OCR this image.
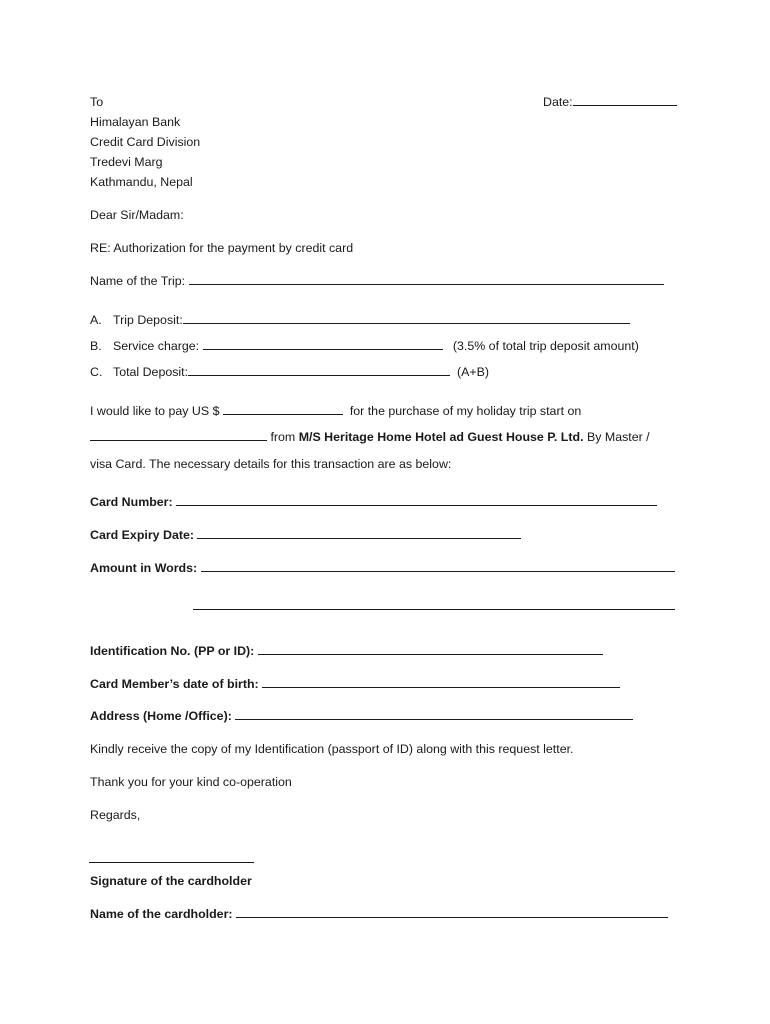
To
Himalayan Bank
Credit Card Division
Tredevi Marg
Kathmandu, Nepal
Date:
Dear Sir/Madam:
RE: Authorization for the payment by credit card
Name of the Trip:
A. Trip Deposit:
B. Service charge:	(3.5% of total trip deposit amount)
C. Total Deposit:	(A+B)
I would like to pay US $	for the purchase of my holiday trip start on
from M/S Heritage Home Hotel ad Guest House P. Ltd. By Master /
visa Card. The necessary details for this transaction are as below:
Card Number:
Card Expiry Date:
Amount in Words:
Identification No. (PP or ID):
Card Member’s date of birth:
Address (Home /Office):
Kindly receive the copy of my Identification (passport of ID) along with this request letter.
Thank you for your kind co-operation
Regards,
Signature of the cardholder
Name of the cardholder:
